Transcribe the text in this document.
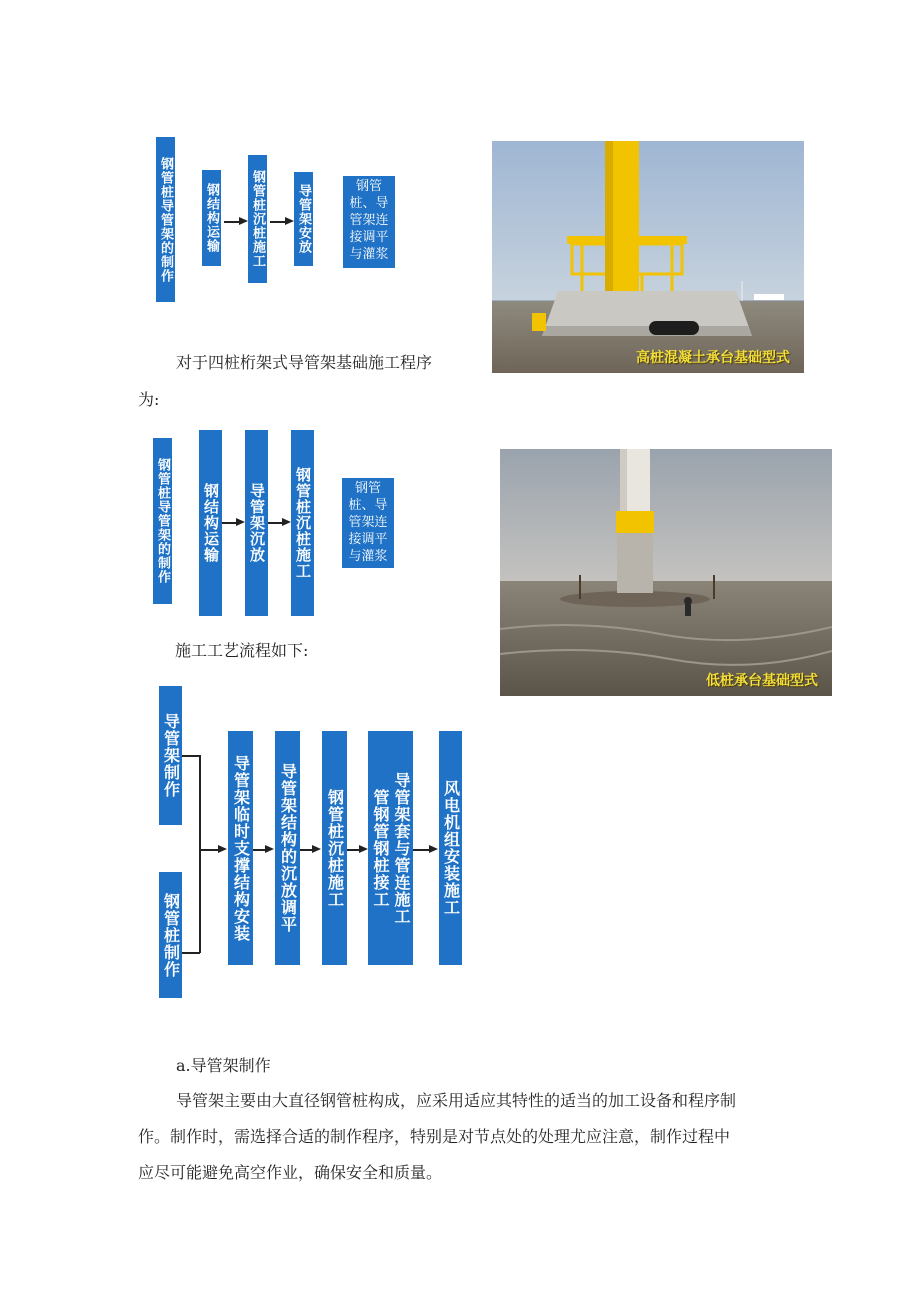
钢管桩导管架的制作 钢结构运输 钢管桩沉桩施工 导管架安放	钢管
桩、导
管架连
接调平
与灌浆
高桩混凝土承台基础型式
对于四桩桁架式导管架基础施工程序
为:
钢管桩导管架的制作 钢结构运输 导管架沉放 钢管桩沉桩施工	钢管
桩、导
管架连
接调平
与灌浆
低桩承台基础型式
施工工艺流程如下:
导管架制作
钢管桩制作	导管架临时支撑结构安装 导管架结构的沉放调平 钢管桩沉桩施工 管钢管钢桩接工 导管架套与管连施工 风电机组安装施工
a.导管架制作
导管架主要由大直径钢管桩构成，应采用适应其特性的适当的加工设备和程序制
作。制作时，需选择合适的制作程序，特别是对节点处的处理尤应注意，制作过程中
应尽可能避免高空作业，确保安全和质量。
